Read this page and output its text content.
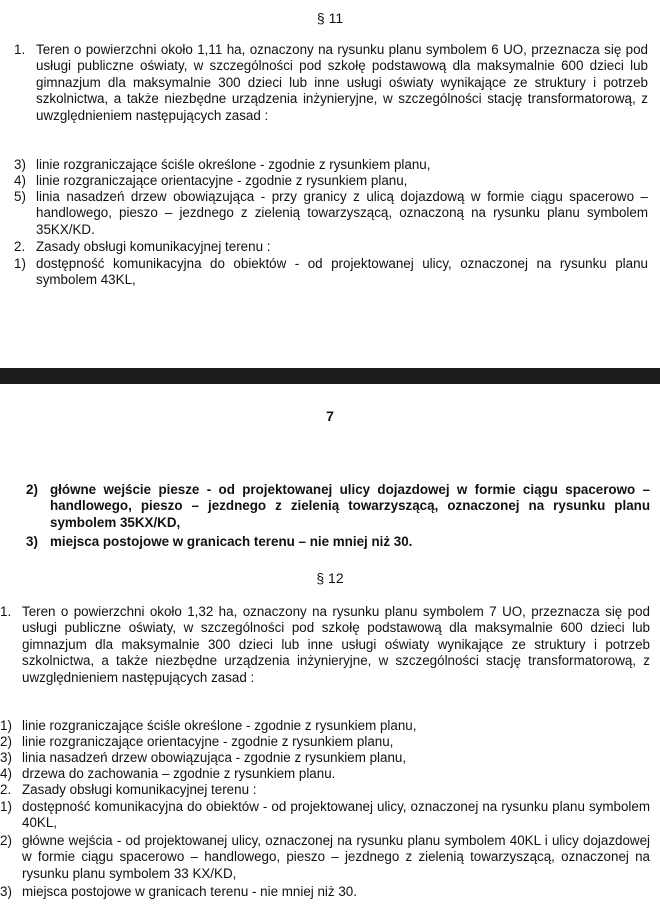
§ 11
1. Teren o powierzchni około 1,11 ha, oznaczony na rysunku planu symbolem 6 UO, przeznacza się pod usługi publiczne oświaty, w szczególności pod szkołę podstawową dla maksymalnie 600 dzieci lub gimnazjum dla maksymalnie 300 dzieci lub inne usługi oświaty wynikające ze struktury i potrzeb szkolnictwa, a także niezbędne urządzenia inżynieryjne, w szczególności stację transformatorową, z uwzględnieniem następujących zasad :
3) linie rozgraniczające ściśle określone - zgodnie z rysunkiem planu,
4) linie rozgraniczające orientacyjne - zgodnie z rysunkiem planu,
5) linia nasadzeń drzew obowiązująca - przy granicy z ulicą dojazdową w formie ciągu spacerowo – handlowego, pieszo – jezdnego z zielenią towarzyszącą, oznaczoną na rysunku planu symbolem 35KX/KD.
2. Zasady obsługi komunikacyjnej terenu :
1) dostępność komunikacyjna do obiektów - od projektowanej ulicy, oznaczonej na rysunku planu symbolem 43KL,
7
2) główne wejście piesze - od projektowanej ulicy dojazdowej w formie ciągu spacerowo – handlowego, pieszo – jezdnego z zielenią towarzyszącą, oznaczonej na rysunku planu symbolem 35KX/KD,
3) miejsca postojowe w granicach terenu – nie mniej niż 30.
§ 12
1. Teren o powierzchni około 1,32 ha, oznaczony na rysunku planu symbolem 7 UO, przeznacza się pod usługi publiczne oświaty, w szczególności pod szkołę podstawową dla maksymalnie 600 dzieci lub gimnazjum dla maksymalnie 300 dzieci lub inne usługi oświaty wynikające ze struktury i potrzeb szkolnictwa, a także niezbędne urządzenia inżynieryjne, w szczególności stację transformatorową, z uwzględnieniem następujących zasad :
1) linie rozgraniczające ściśle określone - zgodnie z rysunkiem planu,
2) linie rozgraniczające orientacyjne - zgodnie z rysunkiem planu,
3) linia nasadzeń drzew obowiązująca - zgodnie z rysunkiem planu,
4) drzewa do zachowania – zgodnie z rysunkiem planu.
2. Zasady obsługi komunikacyjnej terenu :
1) dostępność komunikacyjna do obiektów - od projektowanej ulicy, oznaczonej na rysunku planu symbolem 40KL,
2) główne wejścia - od projektowanej ulicy, oznaczonej na rysunku planu symbolem 40KL i ulicy dojazdowej w formie ciągu spacerowo – handlowego, pieszo – jezdnego z zielenią towarzyszącą, oznaczonej na rysunku planu symbolem 33 KX/KD,
3) miejsca postojowe w granicach terenu - nie mniej niż 30.
